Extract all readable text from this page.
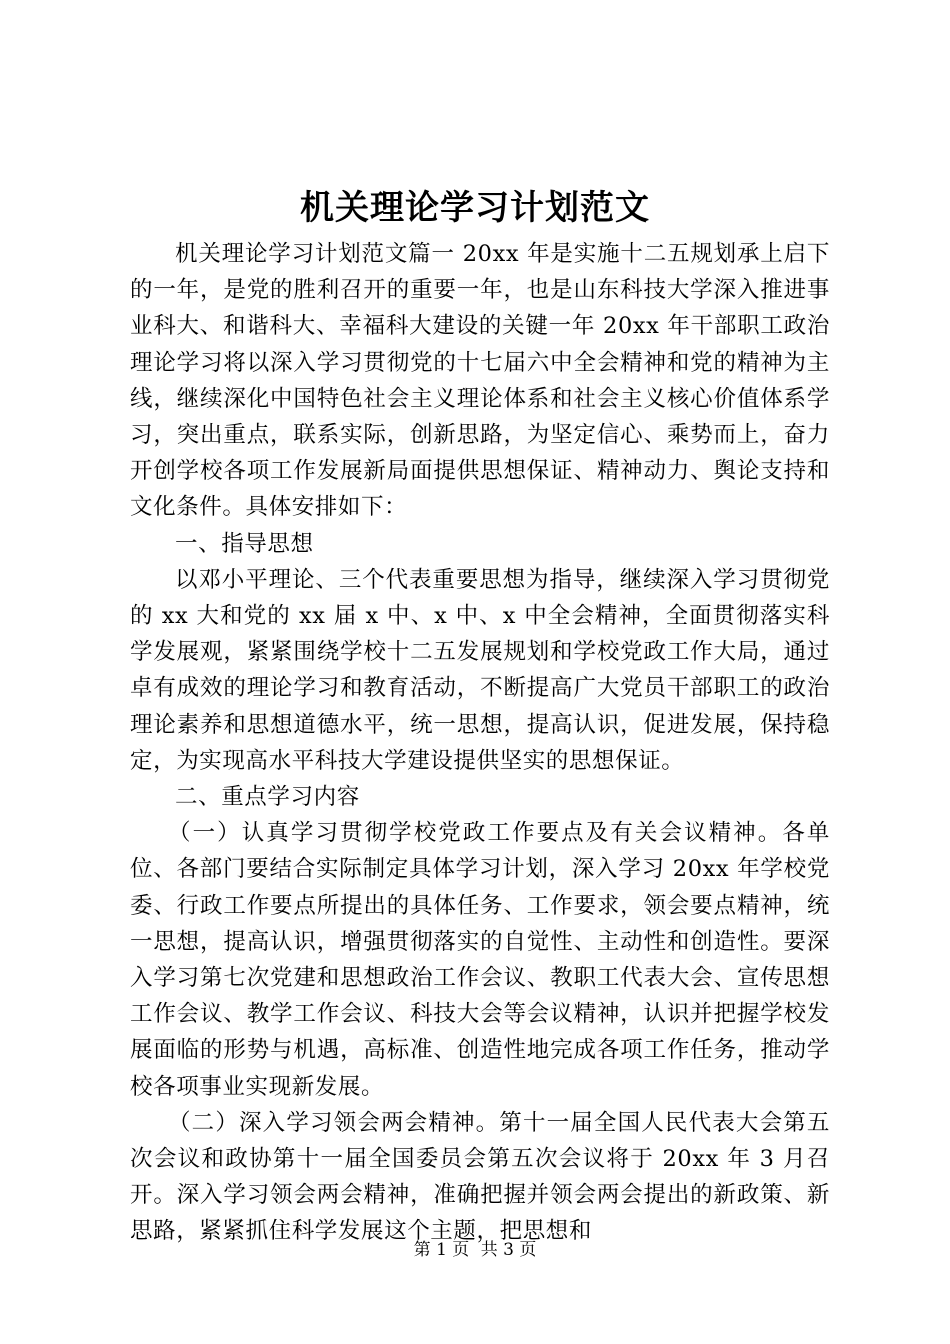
机关理论学习计划范文

机关理论学习计划范文篇一 20xx 年是实施十二五规划承上启下的一年，是党的胜利召开的重要一年，也是山东科技大学深入推进事业科大、和谐科大、幸福科大建设的关键一年 20xx 年干部职工政治理论学习将以深入学习贯彻党的十七届六中全会精神和党的精神为主线，继续深化中国特色社会主义理论体系和社会主义核心价值体系学习，突出重点，联系实际，创新思路，为坚定信心、乘势而上，奋力开创学校各项工作发展新局面提供思想保证、精神动力、舆论支持和文化条件。具体安排如下：

一、指导思想

以邓小平理论、三个代表重要思想为指导，继续深入学习贯彻党的 xx 大和党的 xx 届 x 中、x 中、x 中全会精神，全面贯彻落实科学发展观，紧紧围绕学校十二五发展规划和学校党政工作大局，通过卓有成效的理论学习和教育活动，不断提高广大党员干部职工的政治理论素养和思想道德水平，统一思想，提高认识，促进发展，保持稳定，为实现高水平科技大学建设提供坚实的思想保证。

二、重点学习内容

（一）认真学习贯彻学校党政工作要点及有关会议精神。各单位、各部门要结合实际制定具体学习计划，深入学习 20xx 年学校党委、行政工作要点所提出的具体任务、工作要求，领会要点精神，统一思想，提高认识，增强贯彻落实的自觉性、主动性和创造性。要深入学习第七次党建和思想政治工作会议、教职工代表大会、宣传思想工作会议、教学工作会议、科技大会等会议精神，认识并把握学校发展面临的形势与机遇，高标准、创造性地完成各项工作任务，推动学校各项事业实现新发展。

（二）深入学习领会两会精神。第十一届全国人民代表大会第五次会议和政协第十一届全国委员会第五次会议将于 20xx 年 3 月召开。深入学习领会两会精神，准确把握并领会两会提出的新政策、新思路，紧紧抓住科学发展这个主题，把思想和

第 1 页 共 3 页
